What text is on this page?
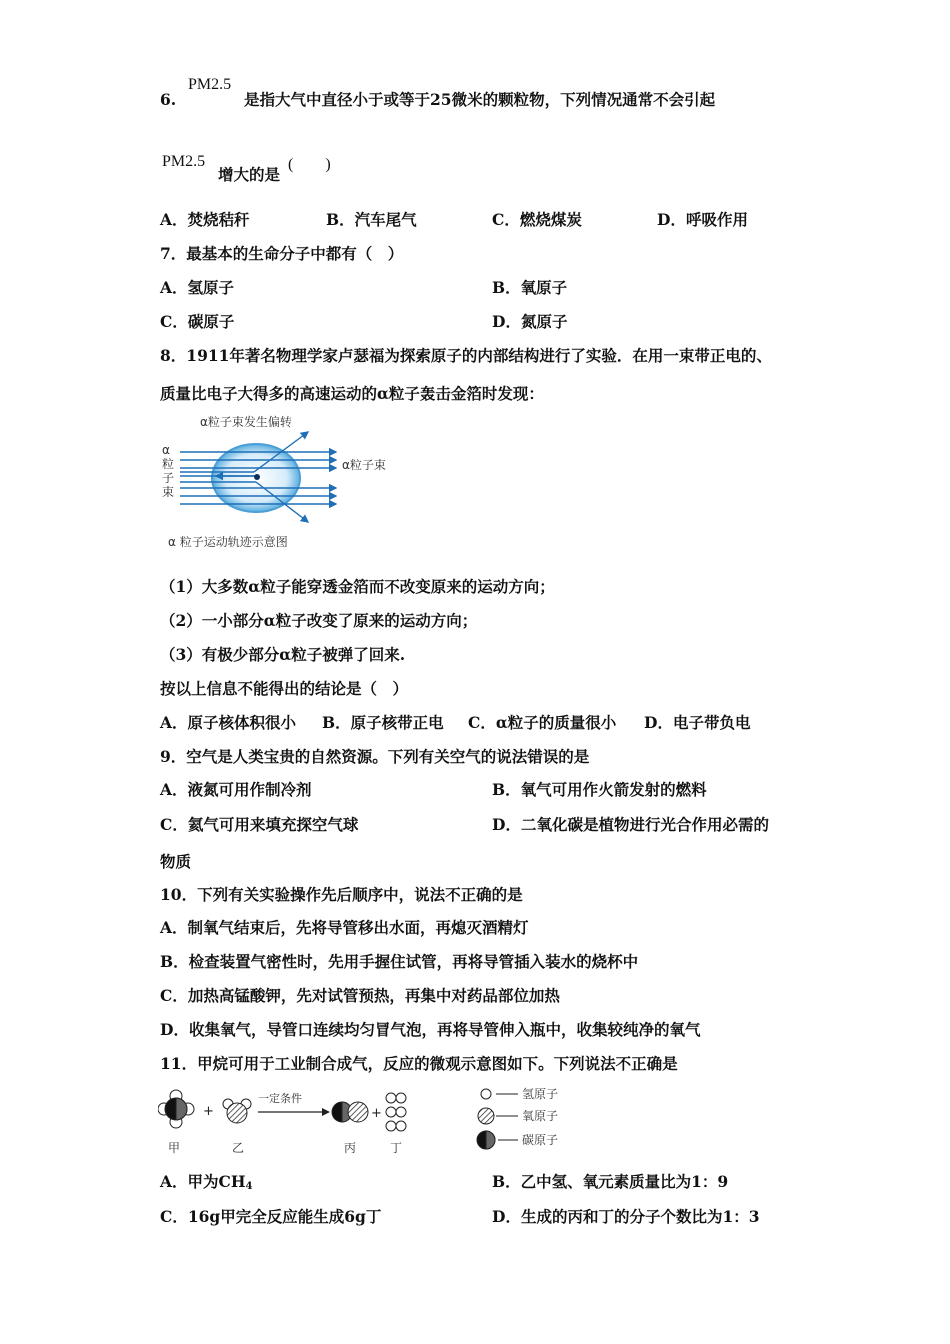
6.
PM2.5
是指大气中直径小于或等于25微米的颗粒物，下列情况通常不会引起
PM2.5
增大的是
(　　)
A．焚烧秸秆	B．汽车尾气	C．燃烧煤炭	D．呼吸作用
7．最基本的生命分子中都有（　）
A．氢原子	B．氧原子
C．碳原子	D．氮原子
8．1911年著名物理学家卢瑟福为探索原子的内部结构进行了实验．在用一束带正电的、
质量比电子大得多的高速运动的α粒子轰击金箔时发现：
α粒子束发生偏转
α粒子束
α
粒
子
束
α 粒子运动轨迹示意图
（1）大多数α粒子能穿透金箔而不改变原来的运动方向；
（2）一小部分α粒子改变了原来的运动方向；
（3）有极少部分α粒子被弹了回来.
按以上信息不能得出的结论是（　）
A．原子核体积很小 B．原子核带正电 C．α粒子的质量很小 D．电子带负电
9．空气是人类宝贵的自然资源。下列有关空气的说法错误的是
A．液氮可用作制冷剂	B．氧气可用作火箭发射的燃料
C．氦气可用来填充探空气球	D．二氧化碳是植物进行光合作用必需的
物质
10．下列有关实验操作先后顺序中，说法不正确的是
A．制氧气结束后，先将导管移出水面，再熄灭酒精灯
B．检查装置气密性时，先用手握住试管，再将导管插入装水的烧杯中
C．加热高锰酸钾，先对试管预热，再集中对药品部位加热
D．收集氧气，导管口连续均匀冒气泡，再将导管伸入瓶中，收集较纯净的氧气
11．甲烷可用于工业制合成气，反应的微观示意图如下。下列说法不正确是
+
一定条件
+
甲	乙	丙	丁
氢原子
氧原子
碳原子
A．甲为$CH_4$	B．乙中氢、氧元素质量比为1：9
C．16g甲完全反应能生成6g丁	D．生成的丙和丁的分子个数比为1：3
